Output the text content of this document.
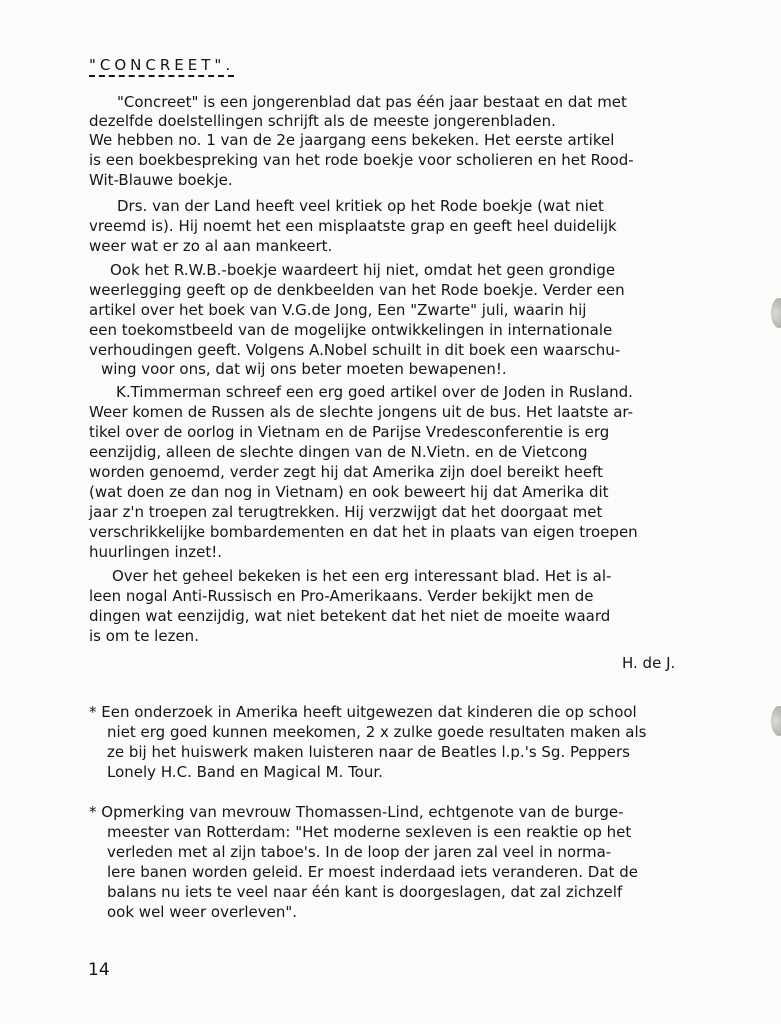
"CONCREET".
"Concreet" is een jongerenblad dat pas één jaar bestaat en dat met
dezelfde doelstellingen schrijft als de meeste jongerenbladen.
We hebben no. 1 van de 2e jaargang eens bekeken. Het eerste artikel
is een boekbespreking van het rode boekje voor scholieren en het Rood-
Wit-Blauwe boekje.
Drs. van der Land heeft veel kritiek op het Rode boekje (wat niet
vreemd is). Hij noemt het een misplaatste grap en geeft heel duidelijk
weer wat er zo al aan mankeert.
Ook het R.W.B.-boekje waardeert hij niet, omdat het geen grondige
weerlegging geeft op de denkbeelden van het Rode boekje. Verder een
artikel over het boek van V.G.de Jong, Een "Zwarte" juli, waarin hij
een toekomstbeeld van de mogelijke ontwikkelingen in internationale
verhoudingen geeft. Volgens A.Nobel schuilt in dit boek een waarschu-
wing voor ons, dat wij ons beter moeten bewapenen!.
K.Timmerman schreef een erg goed artikel over de Joden in Rusland.
Weer komen de Russen als de slechte jongens uit de bus. Het laatste ar-
tikel over de oorlog in Vietnam en de Parijse Vredesconferentie is erg
eenzijdig, alleen de slechte dingen van de N.Vietn. en de Vietcong
worden genoemd, verder zegt hij dat Amerika zijn doel bereikt heeft
(wat doen ze dan nog in Vietnam) en ook beweert hij dat Amerika dit
jaar z'n troepen zal terugtrekken. Hij verzwijgt dat het doorgaat met
verschrikkelijke bombardementen en dat het in plaats van eigen troepen
huurlingen inzet!.
Over het geheel bekeken is het een erg interessant blad. Het is al-
leen nogal Anti-Russisch en Pro-Amerikaans. Verder bekijkt men de
dingen wat eenzijdig, wat niet betekent dat het niet de moeite waard
is om te lezen.
H. de J.
* Een onderzoek in Amerika heeft uitgewezen dat kinderen die op school
niet erg goed kunnen meekomen, 2 x zulke goede resultaten maken als
ze bij het huiswerk maken luisteren naar de Beatles l.p.'s Sg. Peppers
Lonely H.C. Band en Magical M. Tour.
* Opmerking van mevrouw Thomassen-Lind, echtgenote van de burge-
meester van Rotterdam: "Het moderne sexleven is een reaktie op het
verleden met al zijn taboe's. In de loop der jaren zal veel in norma-
lere banen worden geleid. Er moest inderdaad iets veranderen. Dat de
balans nu iets te veel naar één kant is doorgeslagen, dat zal zichzelf
ook wel weer overleven".
14
